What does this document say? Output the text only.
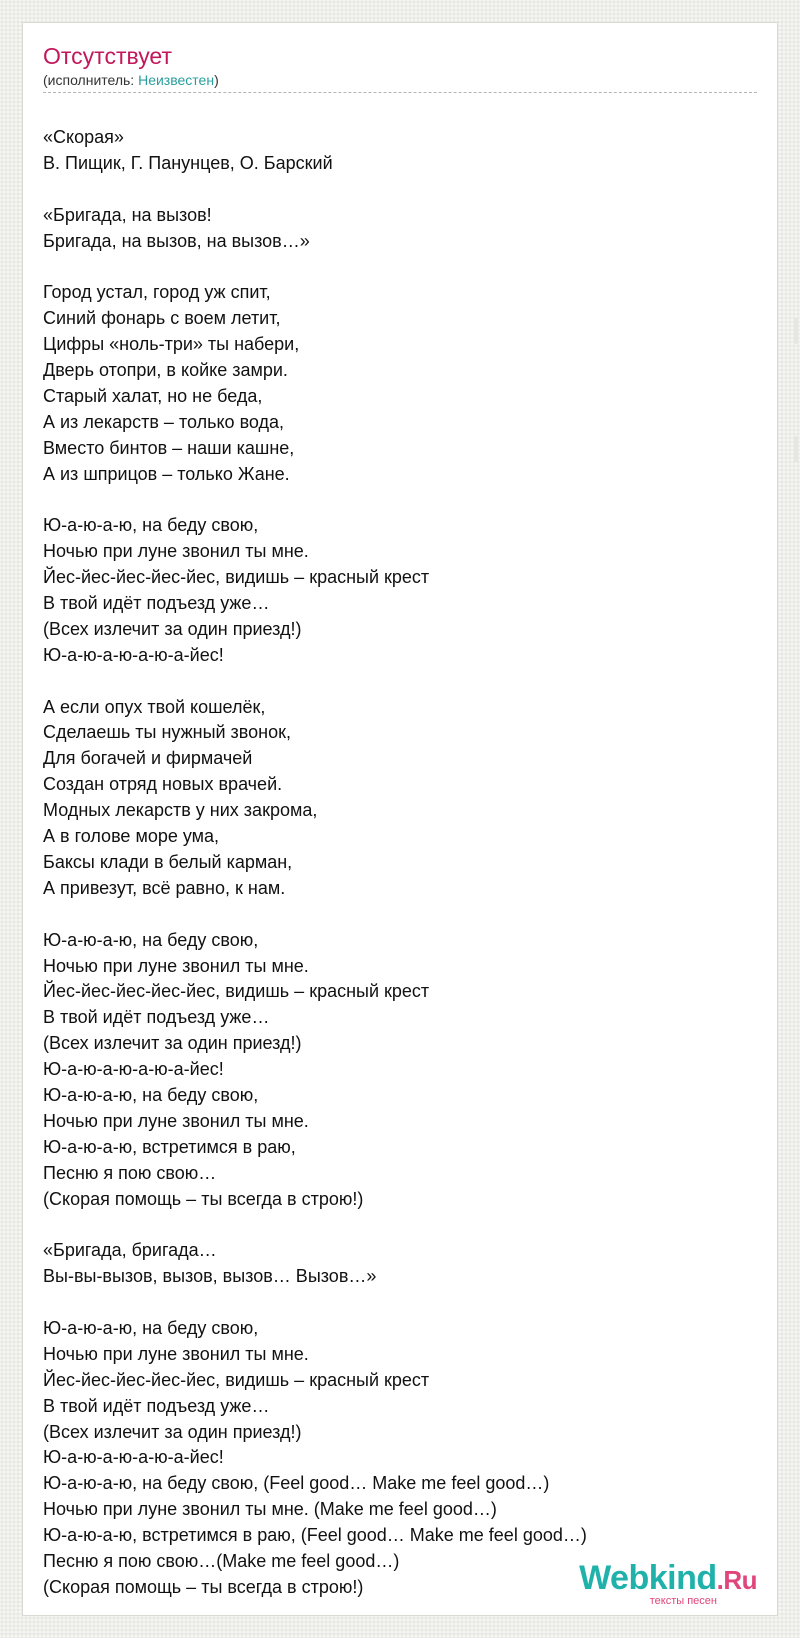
Отсутствует
(исполнитель: Неизвестен)
«Скорая»
В. Пищик, Г. Панунцев, О. Барский
«Бригада, на вызов!
Бригада, на вызов, на вызов…»
Город устал, город уж спит,
Синий фонарь с воем летит,
Цифры «ноль-три» ты набери,
Дверь отопри, в койке замри.
Старый халат, но не беда,
А из лекарств – только вода,
Вместо бинтов – наши кашне,
А из шприцов – только Жане.
Ю-а-ю-а-ю, на беду свою,
Ночью при луне звонил ты мне.
Йес-йес-йес-йес-йес, видишь – красный крест
В твой идёт подъезд уже…
(Всех излечит за один приезд!)
Ю-а-ю-а-ю-а-ю-а-йес!
А если опух твой кошелёк,
Сделаешь ты нужный звонок,
Для богачей и фирмачей
Создан отряд новых врачей.
Модных лекарств у них закрома,
А в голове море ума,
Баксы клади в белый карман,
А привезут, всё равно, к нам.
Ю-а-ю-а-ю, на беду свою,
Ночью при луне звонил ты мне.
Йес-йес-йес-йес-йес, видишь – красный крест
В твой идёт подъезд уже…
(Всех излечит за один приезд!)
Ю-а-ю-а-ю-а-ю-а-йес!
Ю-а-ю-а-ю, на беду свою,
Ночью при луне звонил ты мне.
Ю-а-ю-а-ю, встретимся в раю,
Песню я пою свою…
(Скорая помощь – ты всегда в строю!)
«Бригада, бригада…
Вы-вы-вызов, вызов, вызов… Вызов…»
Ю-а-ю-а-ю, на беду свою,
Ночью при луне звонил ты мне.
Йес-йес-йес-йес-йес, видишь – красный крест
В твой идёт подъезд уже…
(Всех излечит за один приезд!)
Ю-а-ю-а-ю-а-ю-а-йес!
Ю-а-ю-а-ю, на беду свою, (Feel good… Make me feel good…)
Ночью при луне звонил ты мне. (Make me feel good…)
Ю-а-ю-а-ю, встретимся в раю, (Feel good… Make me feel good…)
Песню я пою свою…(Make me feel good…)
(Скорая помощь – ты всегда в строю!)	Webkind.Ru
тексты песен
